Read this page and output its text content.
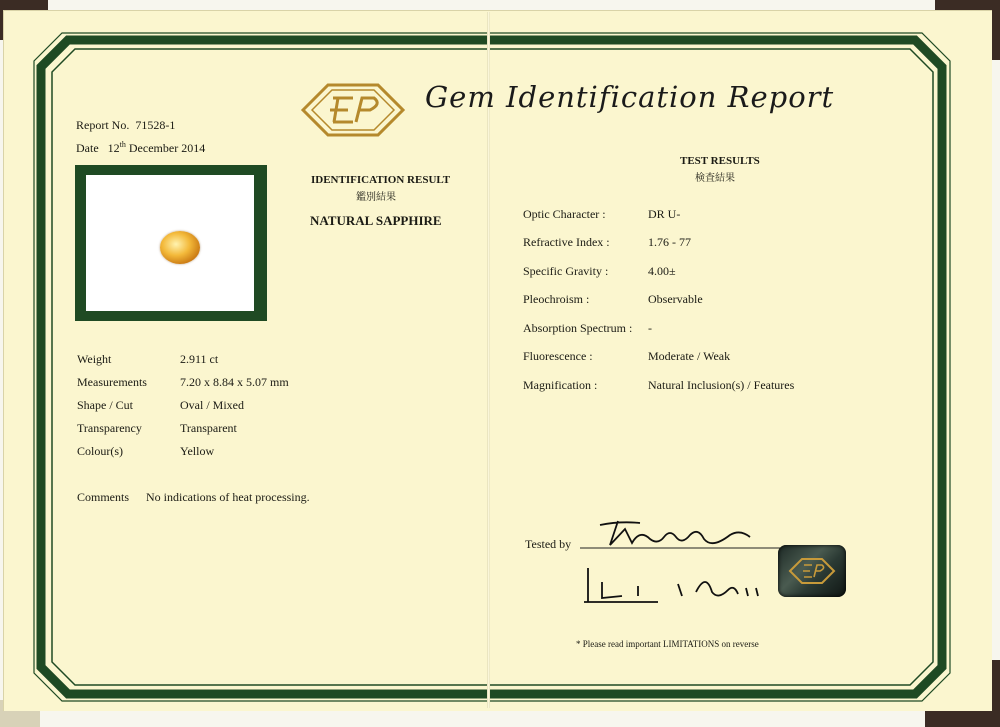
Gem Identification Report
Report No. 71528-1
Date 12th December 2014
IDENTIFICATION RESULT
鑑別結果
NATURAL SAPPHIRE
Weight	2.911 ct
Measurements	7.20 x 8.84 x 5.07 mm
Shape / Cut	Oval / Mixed
Transparency	Transparent
Colour(s)	Yellow
Comments No indications of heat processing.
TEST RESULTS
検査結果
Optic Character :	DR U-
Refractive Index :	1.76 - 77
Specific Gravity :	4.00±
Pleochroism :	Observable
Absorption Spectrum : -
Fluorescence :	Moderate / Weak
Magnification :	Natural Inclusion(s) / Features
Tested by
* Please read important LIMITATIONS on reverse
